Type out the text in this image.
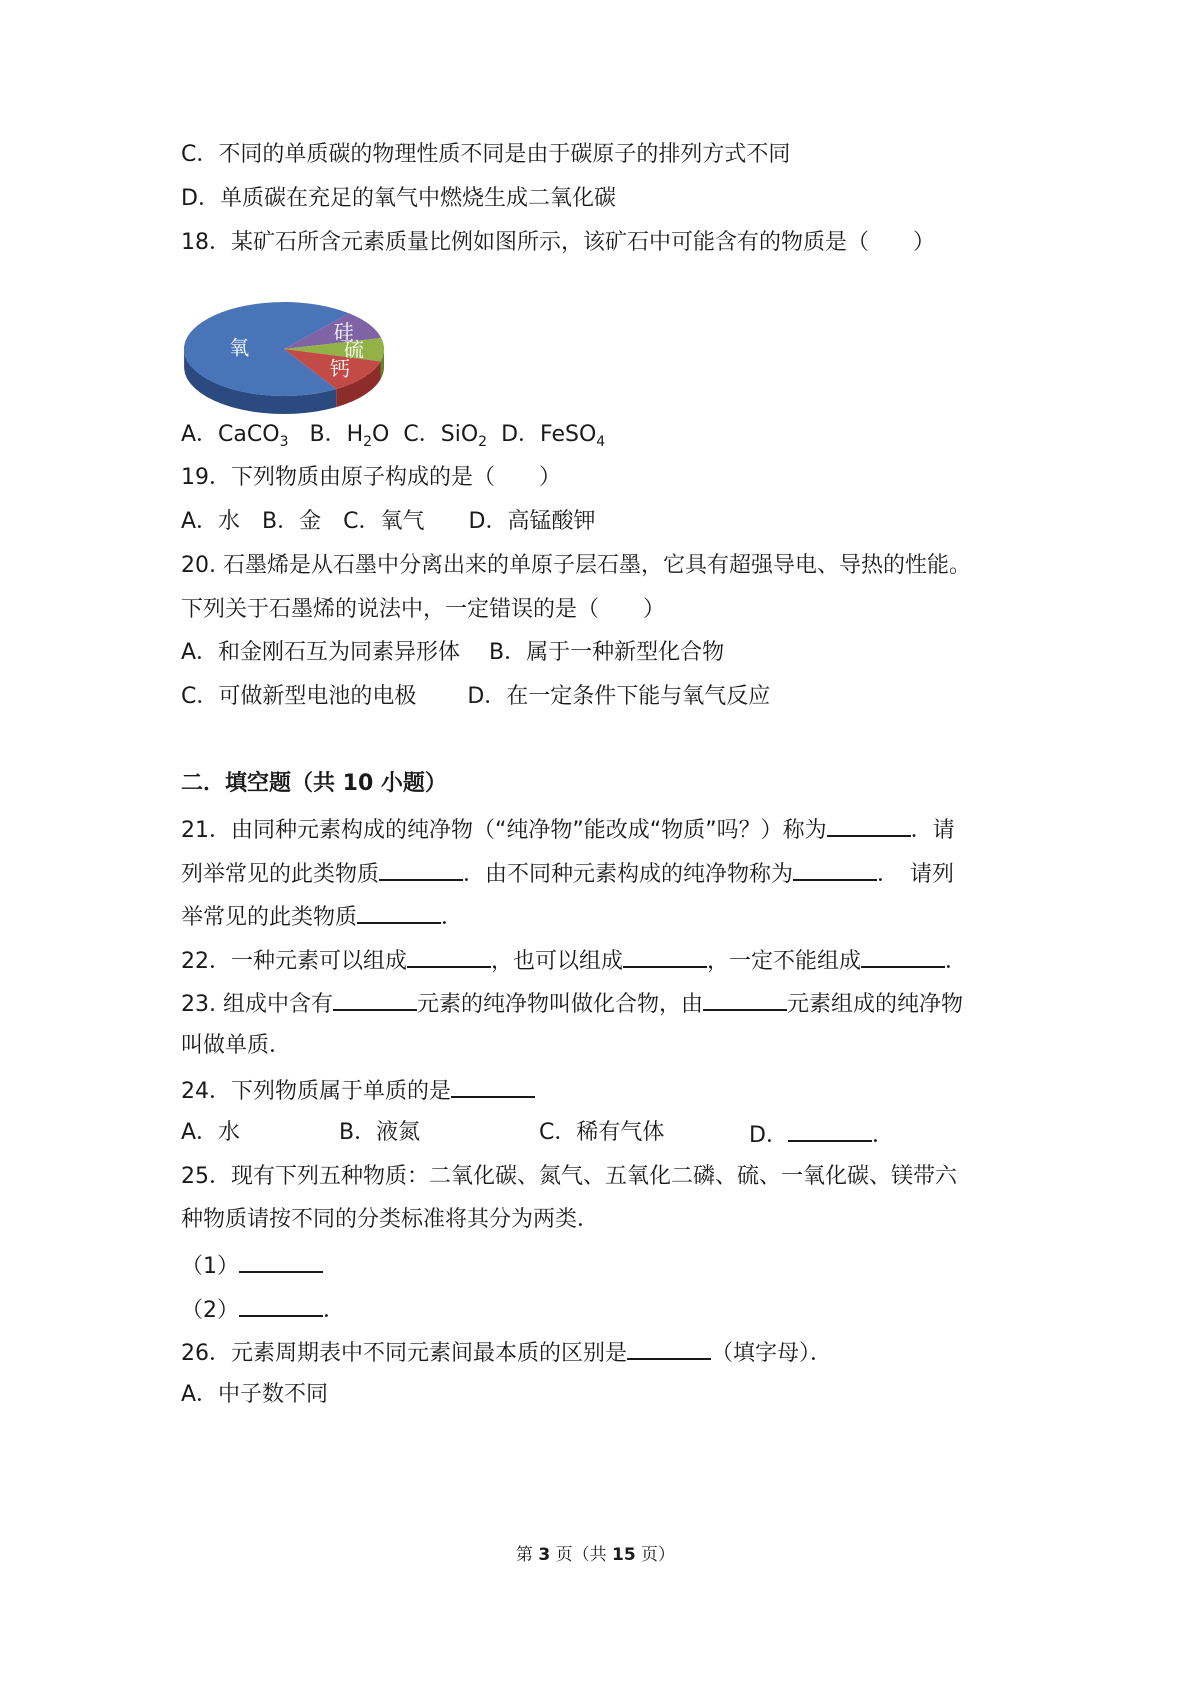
C．不同的单质碳的物理性质不同是由于碳原子的排列方式不同
D．单质碳在充足的氧气中燃烧生成二氧化碳
18．某矿石所含元素质量比例如图所示，该矿石中可能含有的物质是（　　）
氧
硅
硫
钙
A．CaCO$_3$ B．$H_2O$ C．SiO$_2$ D．FeSO$_4$
19．下列物质由原子构成的是（　　）
A．水　B．金　C．氧气　　D．高锰酸钾
20. 石墨烯是从石墨中分离出来的单原子层石墨，它具有超强导电、导热的性能。
下列关于石墨烯的说法中，一定错误的是（　　）
A．和金刚石互为同素异形体　 B．属于一种新型化合物
C．可做新型电池的电极　　 D．在一定条件下能与氧气反应
二．填空题（共 10 小题）
21．由同种元素构成的纯净物（“纯净物”能改成“物质”吗？）称为	．请
列举常见的此类物质	．由不同种元素构成的纯净物称为	．　请列
举常见的此类物质	．
22．一种元素可以组成	，也可以组成	，一定不能组成	．
23. 组成中含有	元素的纯净物叫做化合物，由	元素组成的纯净物
叫做单质．
24．下列物质属于单质的是
A．水	B．液氮	C．稀有气体	D．	．
25．现有下列五种物质：二氧化碳、氮气、五氧化二磷、硫、一氧化碳、镁带六
种物质请按不同的分类标准将其分为两类．
（1）
（2）	．
26．元素周期表中不同元素间最本质的区别是	（填字母）．
A．中子数不同
第 3 页（共 15 页）
